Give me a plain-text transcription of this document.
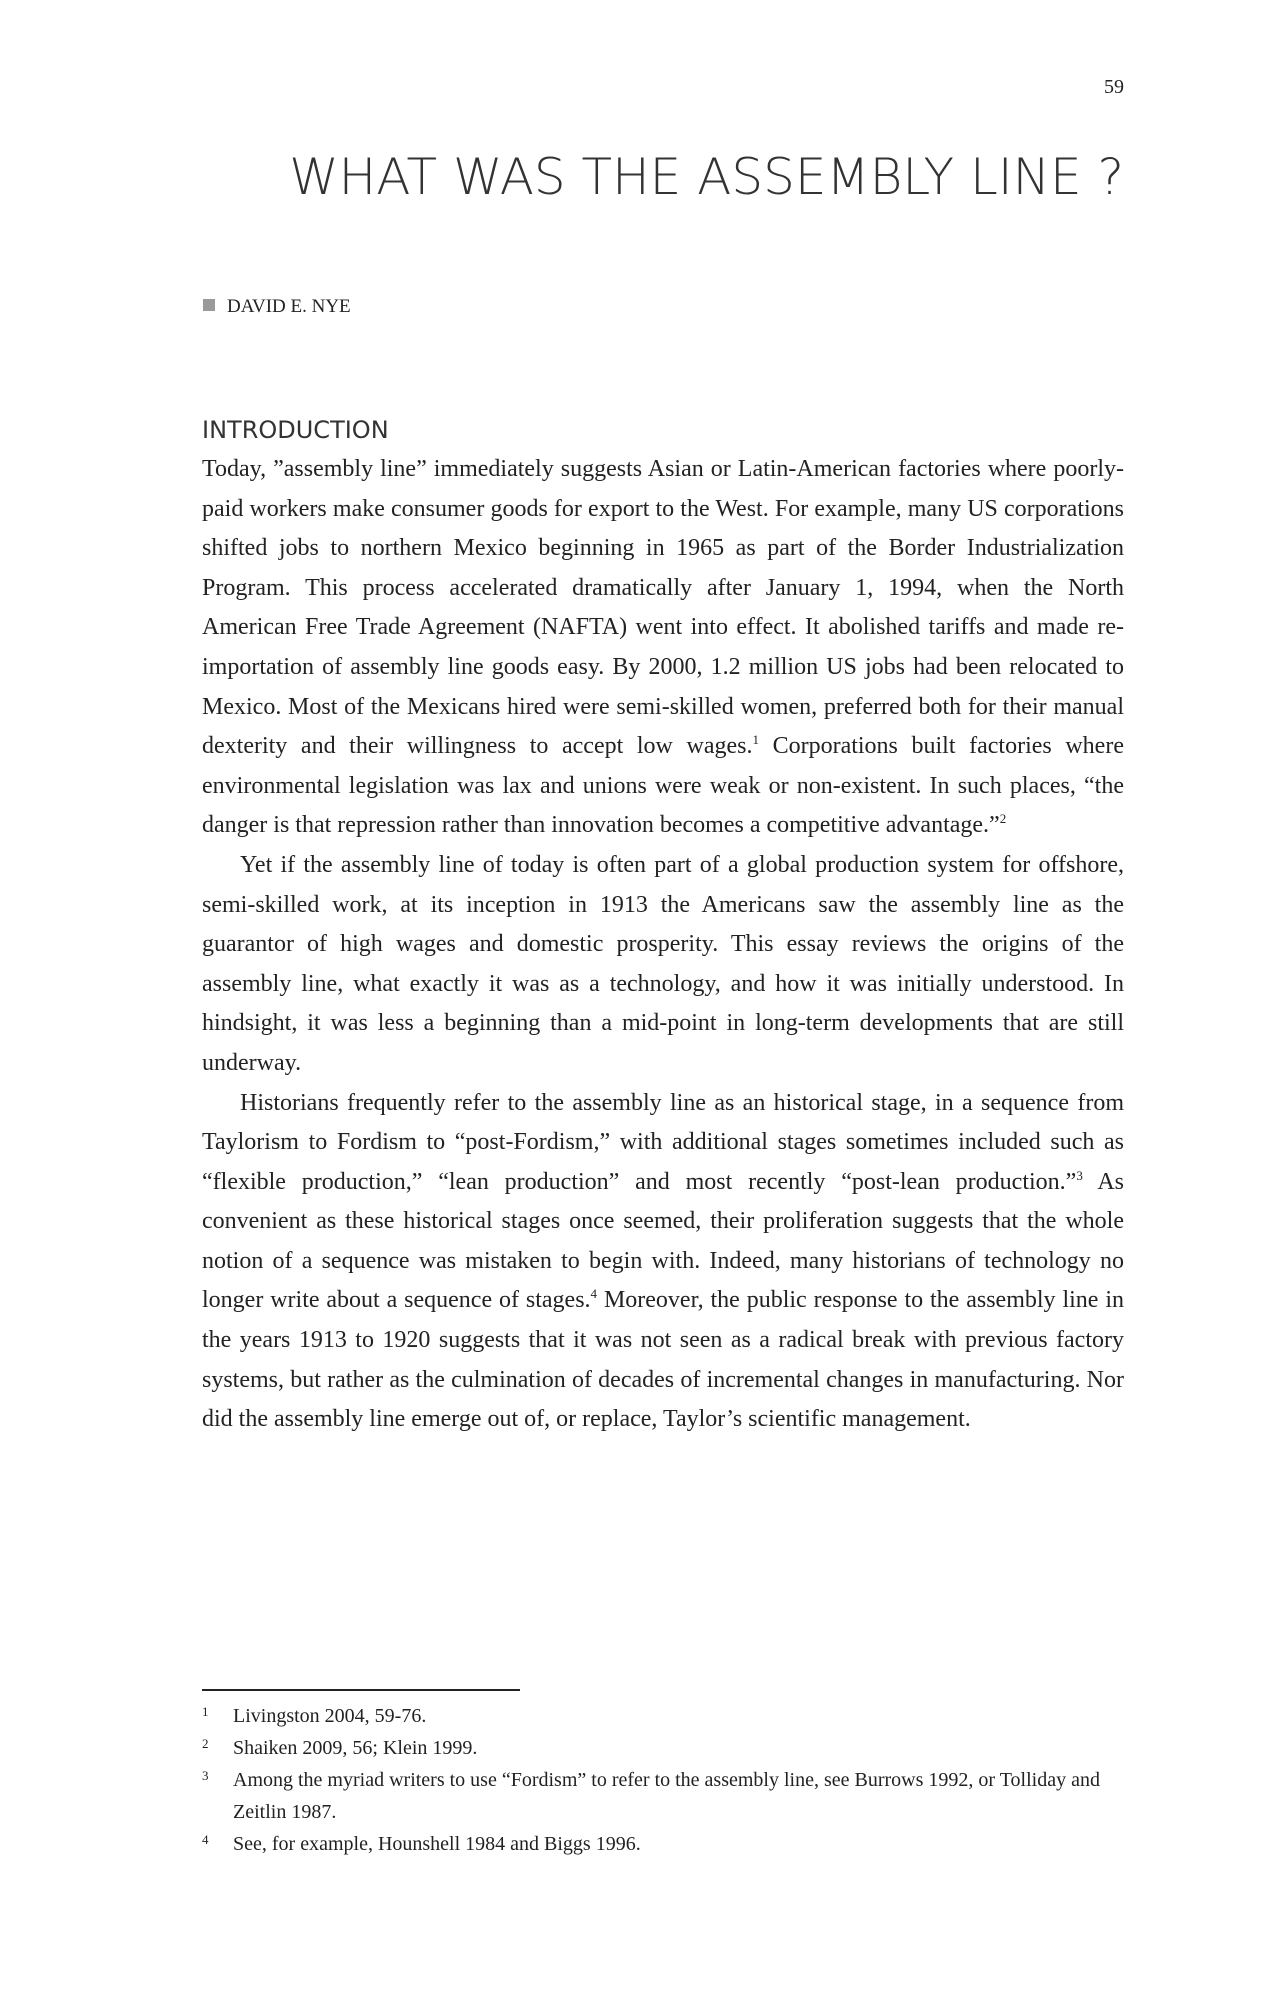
59
WHAT WAS THE ASSEMBLY LINE ?
DAVID E. NYE
INTRODUCTION

Today, ”assembly line” immediately suggests Asian or Latin-American factories where poorly-paid workers make consumer goods for export to the West. For example, many US corporations shifted jobs to northern Mexico beginning in 1965 as part of the Border Industrialization Program. This process accelerated dramatically after January 1, 1994, when the North American Free Trade Agreement (NAFTA) went into effect. It abolished tariffs and made re-importation of assembly line goods easy. By 2000, 1.2 million US jobs had been relocated to Mexico. Most of the Mexicans hired were semi-skilled women, preferred both for their manual dexterity and their willingness to accept low wages.$^1$ Corporations built factories where environmental legislation was lax and unions were weak or non-existent. In such places, “the danger is that repression rather than innovation becomes a competitive advantage.”$^2$

Yet if the assembly line of today is often part of a global production system for offshore, semi-skilled work, at its inception in 1913 the Americans saw the assembly line as the guarantor of high wages and domestic prosperity. This essay reviews the origins of the assembly line, what exactly it was as a technology, and how it was initially understood. In hindsight, it was less a beginning than a mid-point in long-term developments that are still underway.

Historians frequently refer to the assembly line as an historical stage, in a sequence from Taylorism to Fordism to “post-Fordism,” with additional stages sometimes included such as “flexible production,” “lean production” and most recently “post-lean production.”$^3$ As convenient as these historical stages once seemed, their proliferation suggests that the whole notion of a sequence was mistaken to begin with. Indeed, many historians of technology no longer write about a sequence of stages.$^4$ Moreover, the public response to the assembly line in the years 1913 to 1920 suggests that it was not seen as a radical break with previous factory systems, but rather as the culmination of decades of incremental changes in manufacturing. Nor did the assembly line emerge out of, or replace, Taylor’s scientific management.

1	Livingston 2004, 59-76.
2	Shaiken 2009, 56; Klein 1999.
3	Among the myriad writers to use “Fordism” to refer to the assembly line, see Burrows 1992, or Tolliday and Zeitlin 1987.
4	See, for example, Hounshell 1984 and Biggs 1996.
